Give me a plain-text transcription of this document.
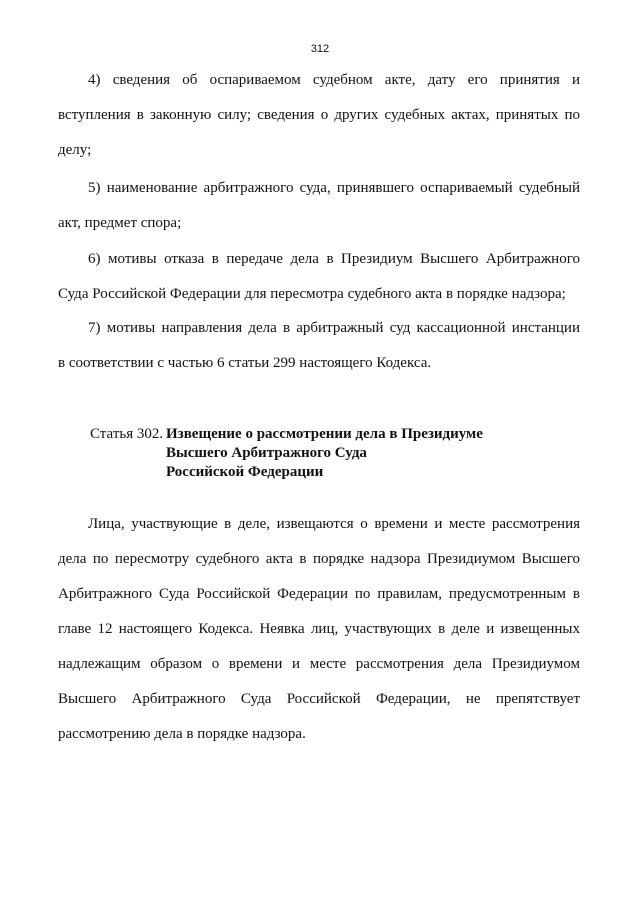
312
4) сведения об оспариваемом судебном акте, дату его принятия и
вступления в законную силу; сведения о других судебных актах, принятых по
делу;
5) наименование арбитражного суда, принявшего оспариваемый судебный
акт, предмет спора;
6) мотивы отказа в передаче дела в Президиум Высшего Арбитражного
Суда Российской Федерации для пересмотра судебного акта в порядке надзора;
7) мотивы направления дела в арбитражный суд кассационной инстанции
в соответствии с частью 6 статьи 299 настоящего Кодекса.
Статья 302. Извещение о рассмотрении дела в Президиуме
Высшего Арбитражного Суда
Российской Федерации
Лица, участвующие в деле, извещаются о времени и месте рассмотрения
дела по пересмотру судебного акта в порядке надзора Президиумом Высшего
Арбитражного Суда Российской Федерации по правилам, предусмотренным в
главе 12 настоящего Кодекса. Неявка лиц, участвующих в деле и извещенных
надлежащим образом о времени и месте рассмотрения дела Президиумом
Высшего Арбитражного Суда Российской Федерации, не препятствует
рассмотрению дела в порядке надзора.
